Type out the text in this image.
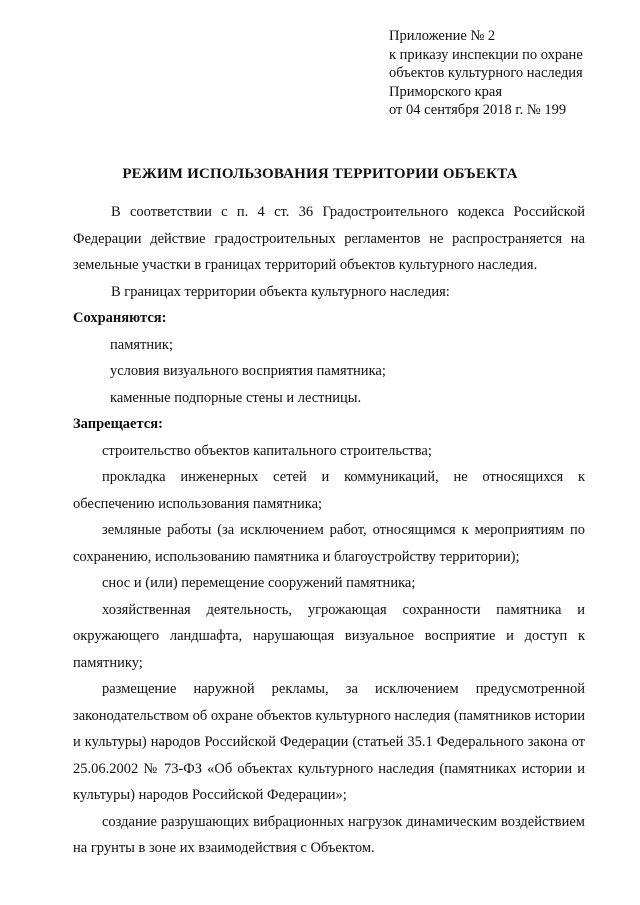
Приложение № 2
к приказу инспекции по охране
объектов культурного наследия
Приморского края
от 04 сентября 2018 г. № 199
РЕЖИМ ИСПОЛЬЗОВАНИЯ ТЕРРИТОРИИ ОБЪЕКТА

В соответствии с п. 4 ст. 36 Градостроительного кодекса Российской Федерации действие градостроительных регламентов не распространяется на земельные участки в границах территорий объектов культурного наследия.

В границах территории объекта культурного наследия:

Сохраняются:

памятник;

условия визуального восприятия памятника;

каменные подпорные стены и лестницы.

Запрещается:

строительство объектов капитального строительства;

прокладка инженерных сетей и коммуникаций, не относящихся к обеспечению использования памятника;

земляные работы (за исключением работ, относящимся к мероприятиям по сохранению, использованию памятника и благоустройству территории);

снос и (или) перемещение сооружений памятника;

хозяйственная деятельность, угрожающая сохранности памятника и окружающего ландшафта, нарушающая визуальное восприятие и доступ к памятнику;

размещение наружной рекламы, за исключением предусмотренной законодательством об охране объектов культурного наследия (памятников истории и культуры) народов Российской Федерации (статьей 35.1 Федерального закона от 25.06.2002 № 73-ФЗ «Об объектах культурного наследия (памятниках истории и культуры) народов Российской Федерации»;

создание разрушающих вибрационных нагрузок динамическим воздействием на грунты в зоне их взаимодействия с Объектом.
